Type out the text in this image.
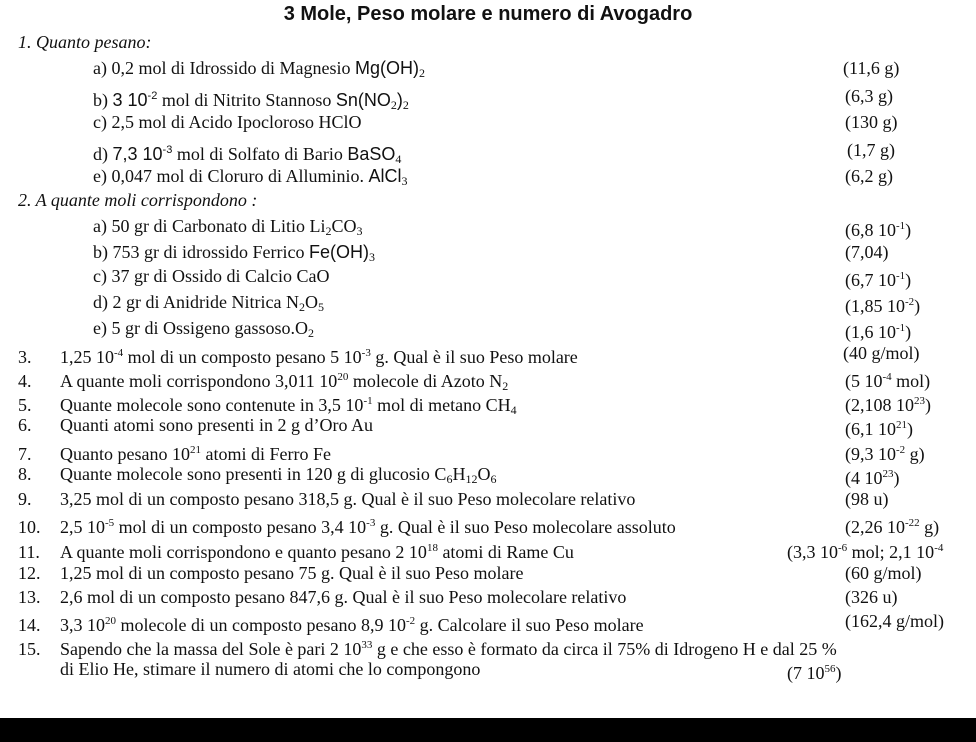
3 Mole, Peso molare e numero di Avogadro
1. Quanto pesano:
a) 0,2 mol di Idrossido di Magnesio $Mg(OH)_2$	(11,6 g)
b) 3 $10^{-2}$ mol di Nitrito Stannoso $Sn(NO_2)_2$	(6,3 g)
c) 2,5 mol di Acido Ipocloroso HClO	(130 g)
d) 7,3 $10^{-3}$ mol di Solfato di Bario BaSO$_4$	(1,7 g)
e) 0,047 mol di Cloruro di Alluminio. AlCl$_3$	(6,2 g)
2. A quante moli corrispondono :
a) 50 gr di Carbonato di Litio $Li_2CO_3$	(6,8 $10^{-1}$)
b) 753 gr di idrossido Ferrico $Fe(OH)_3$	(7,04)
c) 37 gr di Ossido di Calcio CaO	(6,7 $10^{-1}$)
d) 2 gr di Anidride Nitrica $N_2O_5$	(1,85 $10^{-2}$)
e) 5 gr di Ossigeno $gassoso.O_2$	(1,6 $10^{-1}$)
3. 1,25 $10^{-4}$ mol di un composto pesano 5 $10^{-3}$ g. Qual è il suo Peso molare	(40 g/mol)
4. A quante moli corrispondono 3,011 $10^{20}$ molecole di Azoto $N_2$	(5 $10^{-4}$ mol)
5. Quante molecole sono contenute in 3,5 $10^{-1}$ mol di metano $CH_4$	(2,108 $10^{23}$)
6. Quanti atomi sono presenti in 2 g d’Oro Au	(6,1 $10^{21}$)
7. Quanto pesano $10^{21}$ atomi di Ferro Fe	(9,3 $10^{-2}$ g)
8. Quante molecole sono presenti in 120 g di glucosio $C_6H_{12}O_6$	(4 $10^{23}$)
9. 3,25 mol di un composto pesano 318,5 g. Qual è il suo Peso molecolare relativo	(98 u)
10. 2,5 $10^{-5}$ mol di un composto pesano 3,4 $10^{-3}$ g. Qual è il suo Peso molecolare assoluto	(2,26 $10^{-22}$ g)
11. A quante moli corrispondono e quanto pesano 2 $10^{18}$ atomi di Rame Cu	(3,3 $10^{-6}$ mol; 2,1 $10^{-4}$
12. 1,25 mol di un composto pesano 75 g. Qual è il suo Peso molare	(60 g/mol)
13. 2,6 mol di un composto pesano 847,6 g. Qual è il suo Peso molecolare relativo	(326 u)
14. 3,3 $10^{20}$ molecole di un composto pesano 8,9 $10^{-2}$ g. Calcolare il suo Peso molare	(162,4 g/mol)
15. Sapendo che la massa del Sole è pari 2 $10^{33}$ g e che esso è formato da circa il 75% di Idrogeno H e dal 25 %
di Elio He, stimare il numero di atomi che lo compongono	(7 $10^{56}$)
